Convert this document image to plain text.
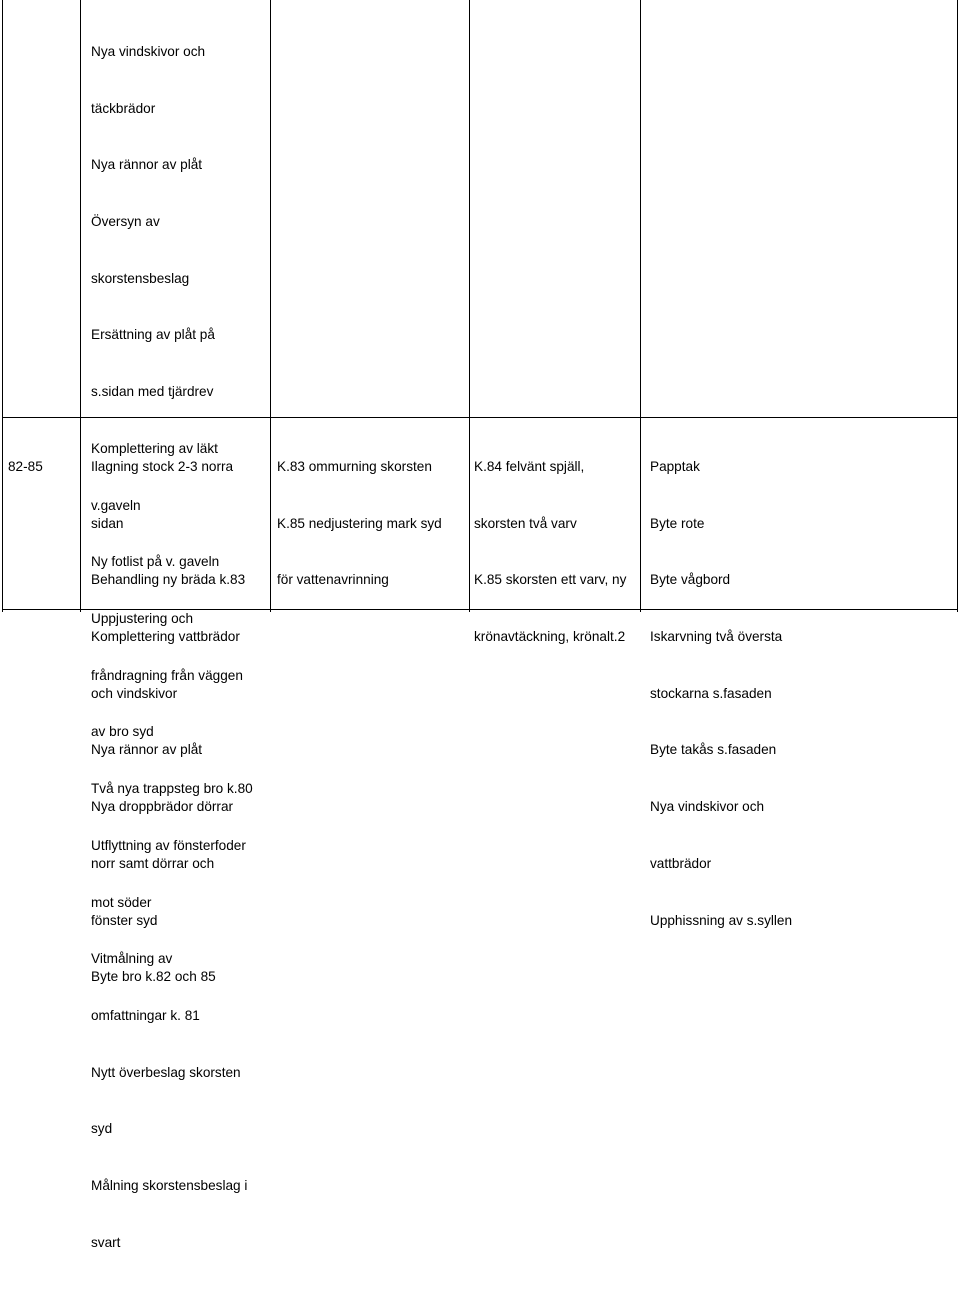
Nya vindskivor och

täckbrädor

Nya rännor av plåt

Översyn av

skorstensbeslag

Ersättning av plåt på

s.sidan med tjärdrev

Komplettering av läkt

v.gaveln

Ny fotlist på v. gaveln

Uppjustering och

fråndragning från väggen

av bro syd

Två nya trappsteg bro k.80

Utflyttning av fönsterfoder

mot söder

Vitmålning av

omfattningar k. 81

Nytt överbeslag skorsten

syd

Målning skorstensbeslag i

svart

82-85

	Ilagning stock 2-3 norra

sidan

Behandling ny bräda k.83

Komplettering vattbrädor

och vindskivor

Nya rännor av plåt

Nya droppbrädor dörrar

norr samt dörrar och

fönster syd

Byte bro k.82 och 85

K.83 ommurning skorsten

K.85 nedjustering mark syd

för vattenavrinning

K.84 felvänt spjäll,

skorsten två varv

K.85 skorsten ett varv, ny

krönavtäckning, krönalt.2

Papptak

Byte rote

Byte vågbord

Iskarvning två översta

stockarna s.fasaden

Byte takås s.fasaden

Nya vindskivor och

vattbrädor

Upphissning av s.syllen
